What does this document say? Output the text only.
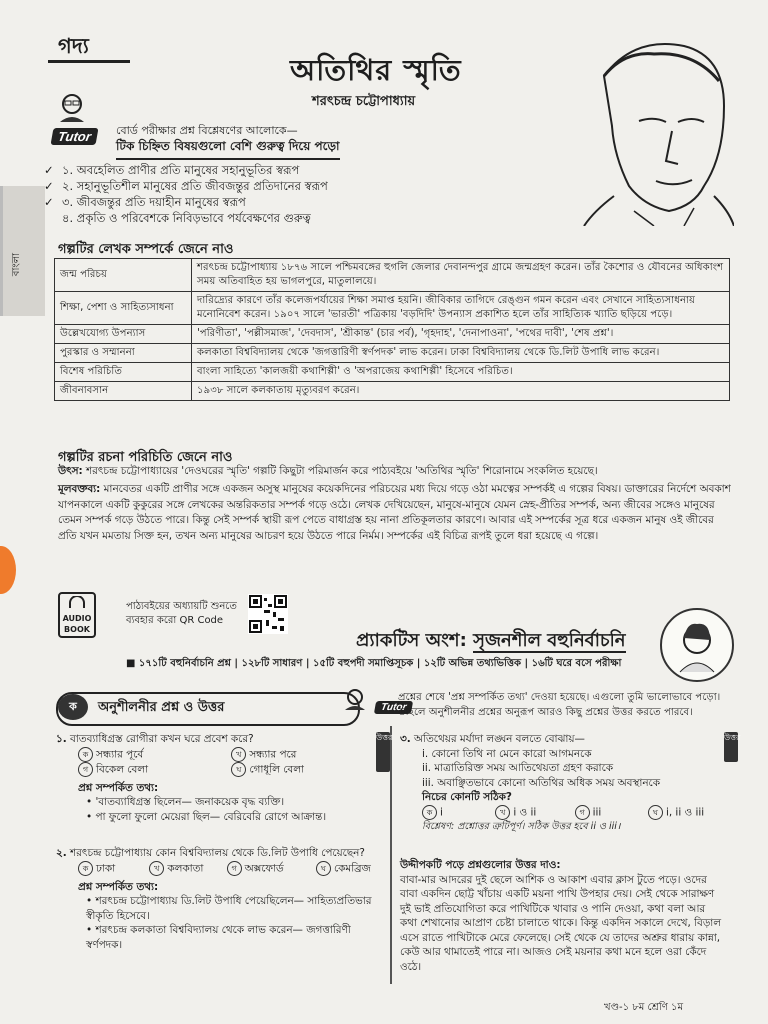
বাংলা
গদ্য
অতিথির স্মৃতি
শরৎচন্দ্র চট্টোপাধ্যায়
Tutor	বোর্ড পরীক্ষার প্রশ্ন বিশ্লেষণের আলোকে—
টিক চিহ্নিত বিষয়গুলো বেশি গুরুত্ব দিয়ে পড়ো
✓ ১. অবহেলিত প্রাণীর প্রতি মানুষের সহানুভূতির স্বরূপ
✓ ২. সহানুভূতিশীল মানুষের প্রতি জীবজন্তুর প্রতিদানের স্বরূপ
✓ ৩. জীবজন্তুর প্রতি দয়াহীন মানুষের স্বরূপ
৪. প্রকৃতি ও পরিবেশকে নিবিড়ভাবে পর্যবেক্ষণের গুরুত্ব
গল্পটির লেখক সম্পর্কে জেনে নাও
জন্ম পরিচয়	শরৎচন্দ্র চট্টোপাধ্যায় ১৮৭৬ সালে পশ্চিমবঙ্গের হুগলি জেলার দেবানন্দপুর গ্রামে জন্মগ্রহণ করেন। তাঁর কৈশোর ও যৌবনের অধিকাংশ সময় অতিবাহিত হয় ভাগলপুরে, মাতুলালয়ে।
শিক্ষা, পেশা ও সাহিত্যসাধনা	দারিদ্র্যের কারণে তাঁর কলেজপর্যায়ের শিক্ষা সমাপ্ত হয়নি। জীবিকার তাগিদে রেঙ্গুন গমন করেন এবং সেখানে সাহিত্যসাধনায় মনোনিবেশ করেন। ১৯০৭ সালে 'ভারতী' পত্রিকায় 'বড়দিদি' উপন্যাস প্রকাশিত হলে তাঁর সাহিত্যিক খ্যাতি ছড়িয়ে পড়ে।
উল্লেখযোগ্য উপন্যাস	'পরিণীতা', 'পল্লীসমাজ', 'দেবদাস', 'শ্রীকান্ত' (চার পর্ব), 'গৃহদাহ', 'দেনাপাওনা', 'পথের দাবী', 'শেষ প্রশ্ন'।
পুরস্কার ও সম্মাননা	কলকাতা বিশ্ববিদ্যালয় থেকে 'জগত্তারিণী স্বর্ণপদক' লাভ করেন। ঢাকা বিশ্ববিদ্যালয় থেকে ডি.লিট উপাধি লাভ করেন।
বিশেষ পরিচিতি	বাংলা সাহিত্যে 'কালজয়ী কথাশিল্পী' ও 'অপরাজেয় কথাশিল্পী' হিসেবে পরিচিত।
জীবনাবসান	১৯৩৮ সালে কলকাতায় মৃত্যুবরণ করেন।
গল্পটির রচনা পরিচিতি জেনে নাও
উৎস: শরৎচন্দ্র চট্টোপাধ্যায়ের 'দেওঘরের স্মৃতি' গল্পটি কিছুটা পরিমার্জন করে পাঠ্যবইয়ে 'অতিথির স্মৃতি' শিরোনামে সংকলিত হয়েছে।
মূলবক্তব্য: মানবেতর একটি প্রাণীর সঙ্গে একজন অসুস্থ মানুষের কয়েকদিনের পরিচয়ের মধ্য দিয়ে গড়ে ওঠা মমত্বের সম্পর্কই এ গল্পের বিষয়। ডাক্তারের নির্দেশে অবকাশ যাপনকালে একটি কুকুরের সঙ্গে লেখকের অন্তরিকতার সম্পর্ক গড়ে ওঠে। লেখক দেখিয়েছেন, মানুষে-মানুষে যেমন স্নেহ-প্রীতির সম্পর্ক, অন্য জীবের সঙ্গেও মানুষের তেমন সম্পর্ক গড়ে উঠতে পারে। কিন্তু সেই সম্পর্ক স্থায়ী রূপ পেতে বাধাগ্রস্ত হয় নানা প্রতিকূলতার কারণে। আবার এই সম্পর্কের সূত্র ধরে একজন মানুষ ওই জীবের প্রতি যখন মমতায় সিক্ত হন, তখন অন্য মানুষের আচরণ হয়ে উঠতে পারে নির্মম। সম্পর্কের এই বিচিত্র রূপই তুলে ধরা হয়েছে এ গল্পে।
AUDIO BOOK
পাঠ্যবইয়ের অধ্যায়টি শুনতে
ব্যবহার করো QR Code
প্র্যাকটিস অংশ: সৃজনশীল বহুনির্বাচনি
■ ১৭১টি বহুনির্বাচনি প্রশ্ন | ১২৮টি সাধারণ | ১৫টি বহুপদী সমাপ্তিসূচক | ১২টি অভিন্ন তথ্যভিত্তিক | ১৬টি ঘরে বসে পরীক্ষা
ক	অনুশীলনীর প্রশ্ন ও উত্তর	Tutor
প্রশ্নের শেষে 'প্রশ্ন সম্পর্কিত তথ্য' দেওয়া হয়েছে। এগুলো তুমি ভালোভাবে পড়ো। তাহলে অনুশীলনীর প্রশ্নের অনুরূপ আরও কিছু প্রশ্নের উত্তর করতে পারবে।
১. বাতব্যাধিগ্রস্ত রোগীরা কখন ঘরে প্রবেশ করে?
ক সন্ধ্যার পূর্বে	খ সন্ধ্যার পরে
গ বিকেল বেলা	ঘ গোধূলি বেলা
প্রশ্ন সম্পর্কিত তথ্য:
• 'বাতব্যাধিগ্রস্ত ছিলেন— জনাকয়েক বৃদ্ধ ব্যক্তি।
• পা ফুলো ফুলো মেয়েরা ছিল— বেরিবেরি রোগে আক্রান্ত।
উত্তর
২. শরৎচন্দ্র চট্টোপাধ্যায় কোন বিশ্ববিদ্যালয় থেকে ডি.লিট উপাধি পেয়েছেন?
ক ঢাকা	খ কলকাতা	গ অক্সফোর্ড	ঘ কেমব্রিজ
প্রশ্ন সম্পর্কিত তথ্য:
• শরৎচন্দ্র চট্টোপাধ্যায় ডি.লিট উপাধি পেয়েছিলেন— সাহিত্যপ্রতিভার স্বীকৃতি হিসেবে।
• শরৎচন্দ্র কলকাতা বিশ্ববিদ্যালয় থেকে লাভ করেন— জগত্তারিণী স্বর্ণপদক।
৩. অতিথেয়র মর্যাদা লঙ্ঘন বলতে বোঝায়—
i. কোনো তিথি না মেনে কারো আগমনকে
ii. মাত্রাতিরিক্ত সময় আতিথেয়তা গ্রহণ করাকে
iii. অবাঞ্ছিতভাবে কোনো অতিথির অধিক সময় অবস্থানকে
নিচের কোনটি সঠিক?
ক i	খ i ও ii	গ iii	ঘ i, ii ও iii
বিশ্লেষণ: প্রশ্নোত্তর ত্রুটিপূর্ণ। সঠিক উত্তর হবে ii ও iii।
উত্তর
উদ্দীপকটি পড়ে প্রশ্নগুলোর উত্তর দাও:
বাবা-মার আদরের দুই ছেলে আশিক ও আকাশ এবার ক্লাস টুতে পড়ে। ওদের বাবা একদিন ছোট্ট খাঁচায় একটি ময়না পাখি উপহার দেয়। সেই থেকে সারাক্ষণ দুই ভাই প্রতিযোগিতা করে পাখিটিকে খাবার ও পানি দেওয়া, কথা বলা আর কথা শেখানোর আপ্রাণ চেষ্টা চালাতে থাকে। কিন্তু একদিন সকালে দেখে, বিড়াল এসে রাতে পাখিটাকে মেরে ফেলেছে। সেই থেকে যে তাদের অশ্রুর ধারায় কান্না, কেউ আর থামাতেই পারে না। আজও সেই ময়নার কথা মনে হলে ওরা কেঁদে ওঠে।
খণ্ড-১ ৮ম শ্রেণি ১ম
